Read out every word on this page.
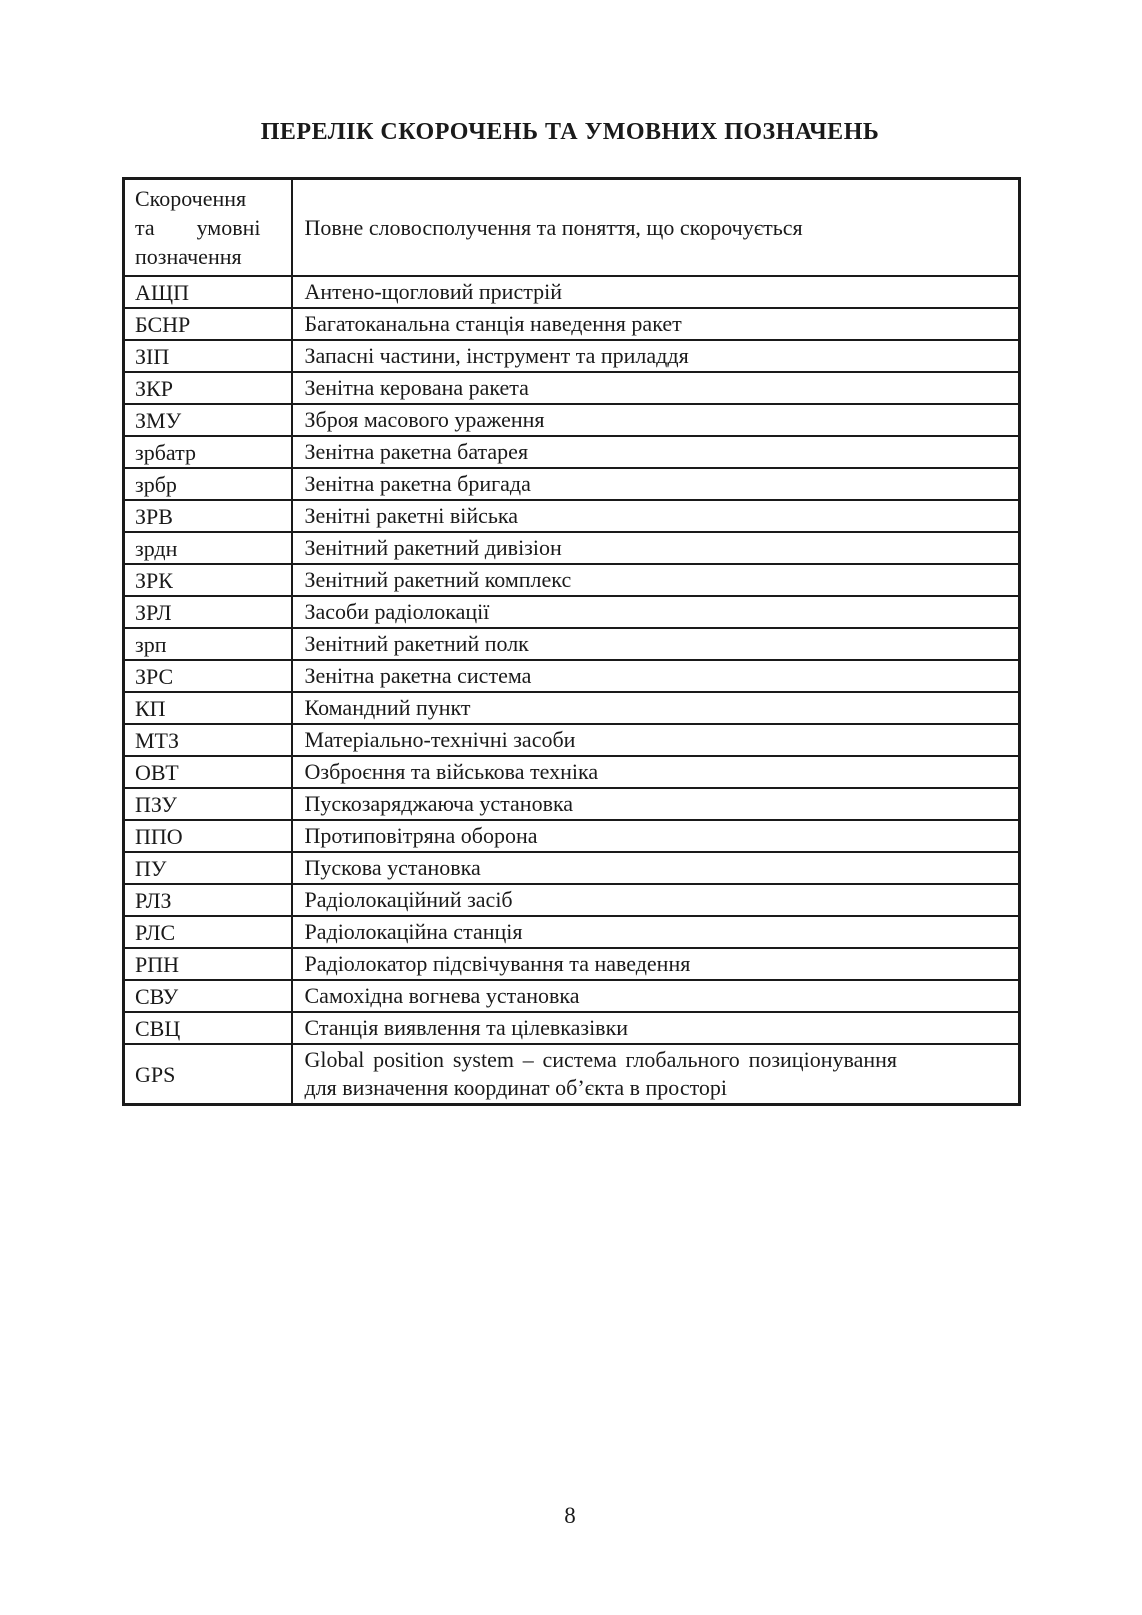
ПЕРЕЛІК СКОРОЧЕНЬ ТА УМОВНИХ ПОЗНАЧЕНЬ
Скорочення та умовні позначення	Повне словосполучення та поняття, що скорочується
АЩП	Антено-щогловий пристрій
БСНР	Багатоканальна станція наведення ракет
ЗІП	Запасні частини, інструмент та приладдя
ЗКР	Зенітна керована ракета
ЗМУ	Зброя масового ураження
зрбатр	Зенітна ракетна батарея
зрбр	Зенітна ракетна бригада
ЗРВ	Зенітні ракетні війська
зрдн	Зенітний ракетний дивізіон
ЗРК	Зенітний ракетний комплекс
ЗРЛ	Засоби радіолокації
зрп	Зенітний ракетний полк
ЗРС	Зенітна ракетна система
КП	Командний пункт
МТЗ	Матеріально-технічні засоби
ОВТ	Озброєння та військова техніка
ПЗУ	Пускозаряджаюча установка
ППО	Протиповітряна оборона
ПУ	Пускова установка
РЛЗ	Радіолокаційний засіб
РЛС	Радіолокаційна станція
РПН	Радіолокатор підсвічування та наведення
СВУ	Самохідна вогнева установка
СВЦ	Станція виявлення та цілевказівки
GPS	Global position system – система глобального позиціонування для визначення координат об’єкта в просторі
8
